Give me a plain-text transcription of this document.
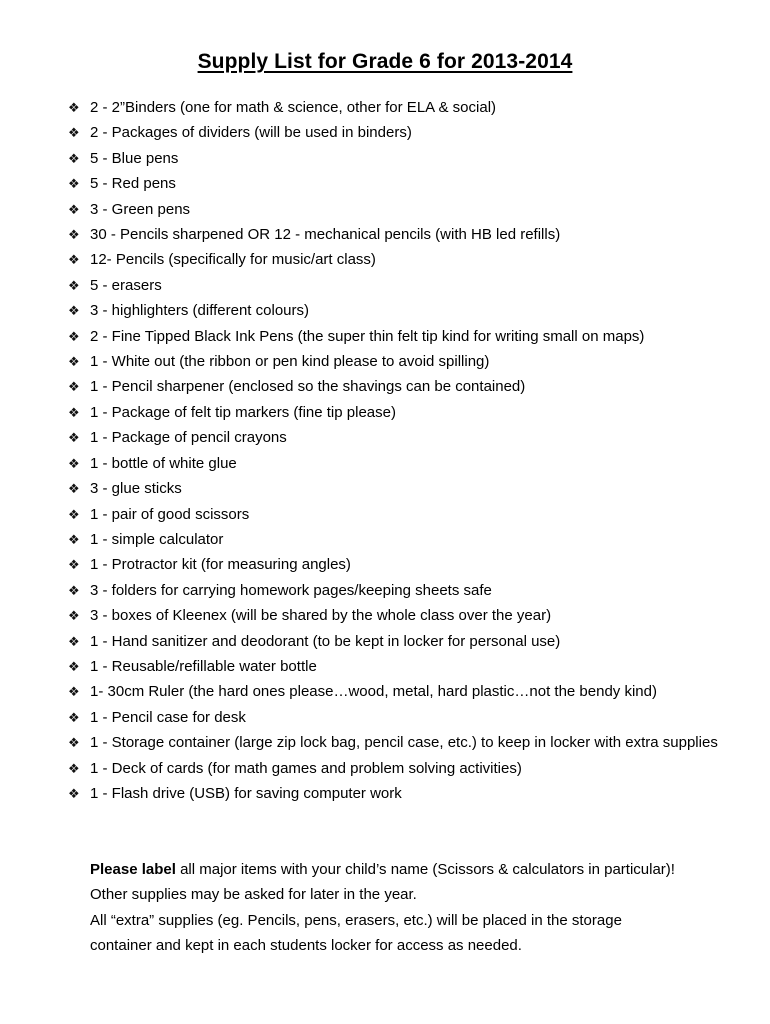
Supply List for Grade 6 for 2013-2014
❖ 2 - 2”Binders (one for math & science, other for ELA & social)
❖ 2 - Packages of dividers (will be used in binders)
❖ 5 - Blue pens
❖ 5 - Red pens
❖ 3 - Green pens
❖ 30 - Pencils sharpened OR 12 - mechanical pencils (with HB led refills)
❖ 12- Pencils (specifically for music/art class)
❖ 5 - erasers
❖ 3 - highlighters (different colours)
❖ 2 - Fine Tipped Black Ink Pens (the super thin felt tip kind for writing small on maps)
❖ 1 - White out (the ribbon or pen kind please to avoid spilling)
❖ 1 - Pencil sharpener (enclosed so the shavings can be contained)
❖ 1 - Package of felt tip markers (fine tip please)
❖ 1 - Package of pencil crayons
❖ 1 - bottle of white glue
❖ 3 - glue sticks
❖ 1 - pair of good scissors
❖ 1 - simple calculator
❖ 1 - Protractor kit (for measuring angles)
❖ 3 - folders for carrying homework pages/keeping sheets safe
❖ 3 - boxes of Kleenex (will be shared by the whole class over the year)
❖ 1 - Hand sanitizer and deodorant (to be kept in locker for personal use)
❖ 1 - Reusable/refillable water bottle
❖ 1- 30cm Ruler (the hard ones please…wood, metal, hard plastic…not the bendy kind)
❖ 1 - Pencil case for desk
❖ 1 - Storage container (large zip lock bag, pencil case, etc.) to keep in locker with extra supplies
❖ 1 - Deck of cards (for math games and problem solving activities)
❖ 1 - Flash drive (USB) for saving computer work

Please label all major items with your child’s name (Scissors & calculators in particular)!

Other supplies may be asked for later in the year.

All “extra” supplies (eg. Pencils, pens, erasers, etc.) will be placed in the storage

container and kept in each students locker for access as needed.
